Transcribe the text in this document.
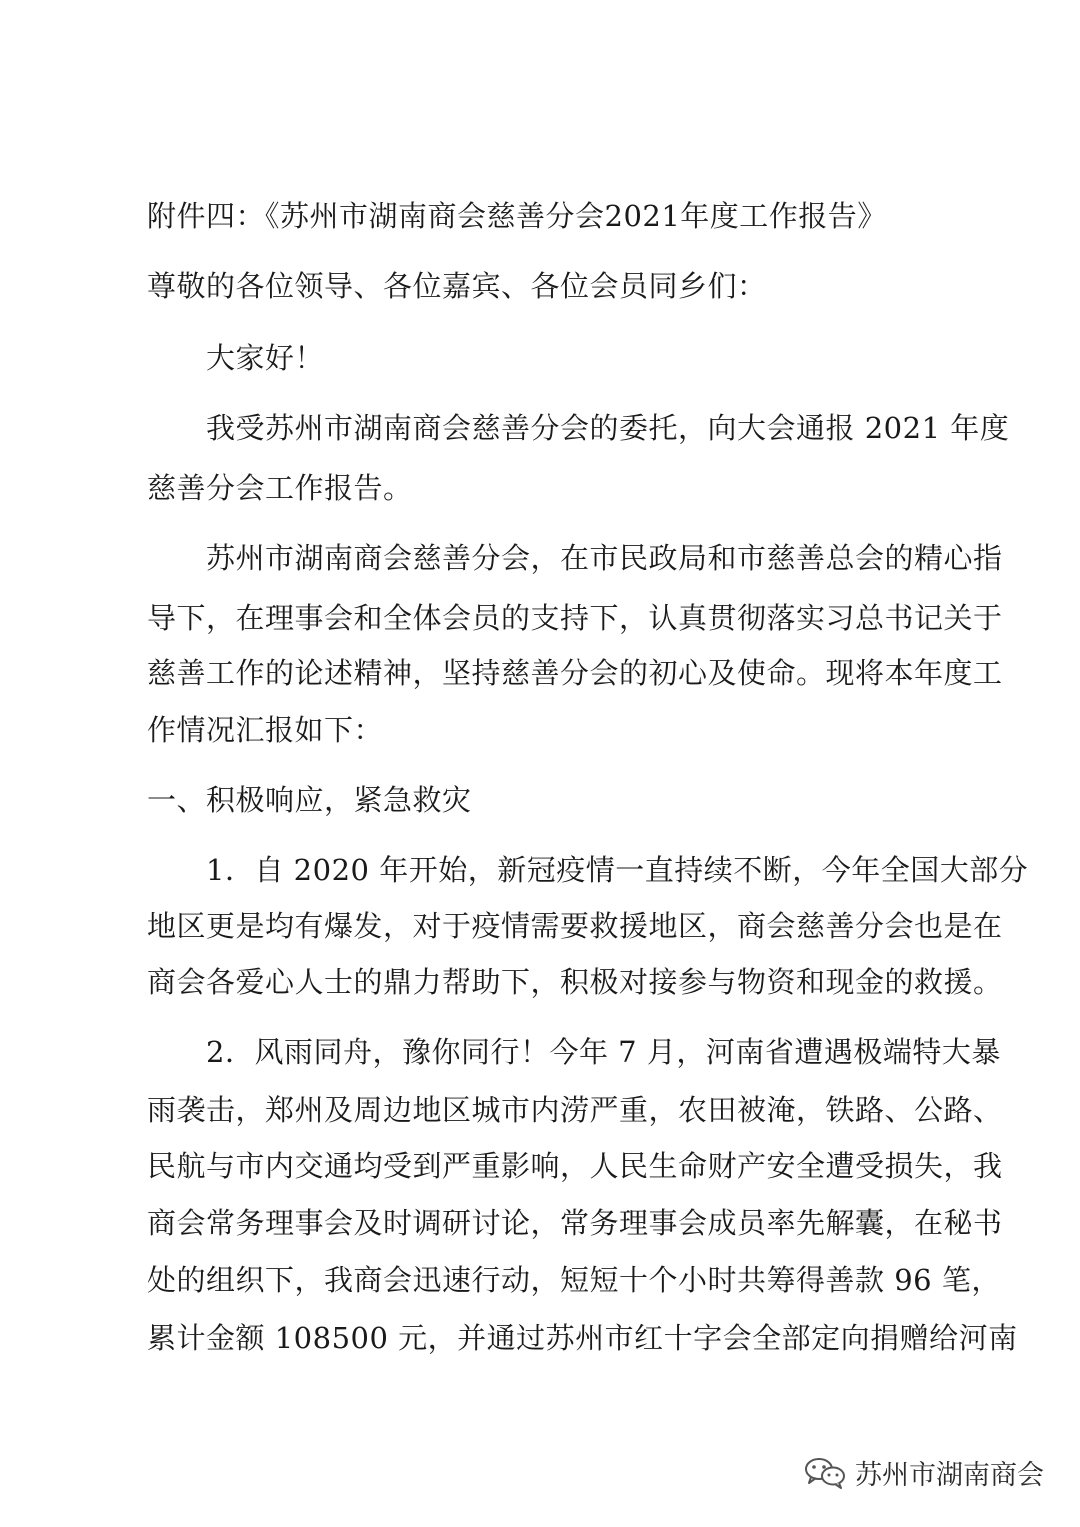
附件四：《苏州市湖南商会慈善分会2021年度工作报告》
尊敬的各位领导、各位嘉宾、各位会员同乡们：
大家好！
我受苏州市湖南商会慈善分会的委托，向大会通报 2021 年度
慈善分会工作报告。
苏州市湖南商会慈善分会，在市民政局和市慈善总会的精心指
导下，在理事会和全体会员的支持下，认真贯彻落实习总书记关于
慈善工作的论述精神，坚持慈善分会的初心及使命。现将本年度工
作情况汇报如下：
一、积极响应，紧急救灾
1．自 2020 年开始，新冠疫情一直持续不断，今年全国大部分
地区更是均有爆发，对于疫情需要救援地区，商会慈善分会也是在
商会各爱心人士的鼎力帮助下，积极对接参与物资和现金的救援。
2．风雨同舟，豫你同行！今年 7 月，河南省遭遇极端特大暴
雨袭击，郑州及周边地区城市内涝严重，农田被淹，铁路、公路、
民航与市内交通均受到严重影响，人民生命财产安全遭受损失，我
商会常务理事会及时调研讨论，常务理事会成员率先解囊，在秘书
处的组织下，我商会迅速行动，短短十个小时共筹得善款 96 笔，
累计金额 108500 元，并通过苏州市红十字会全部定向捐赠给河南
苏州市湖南商会
